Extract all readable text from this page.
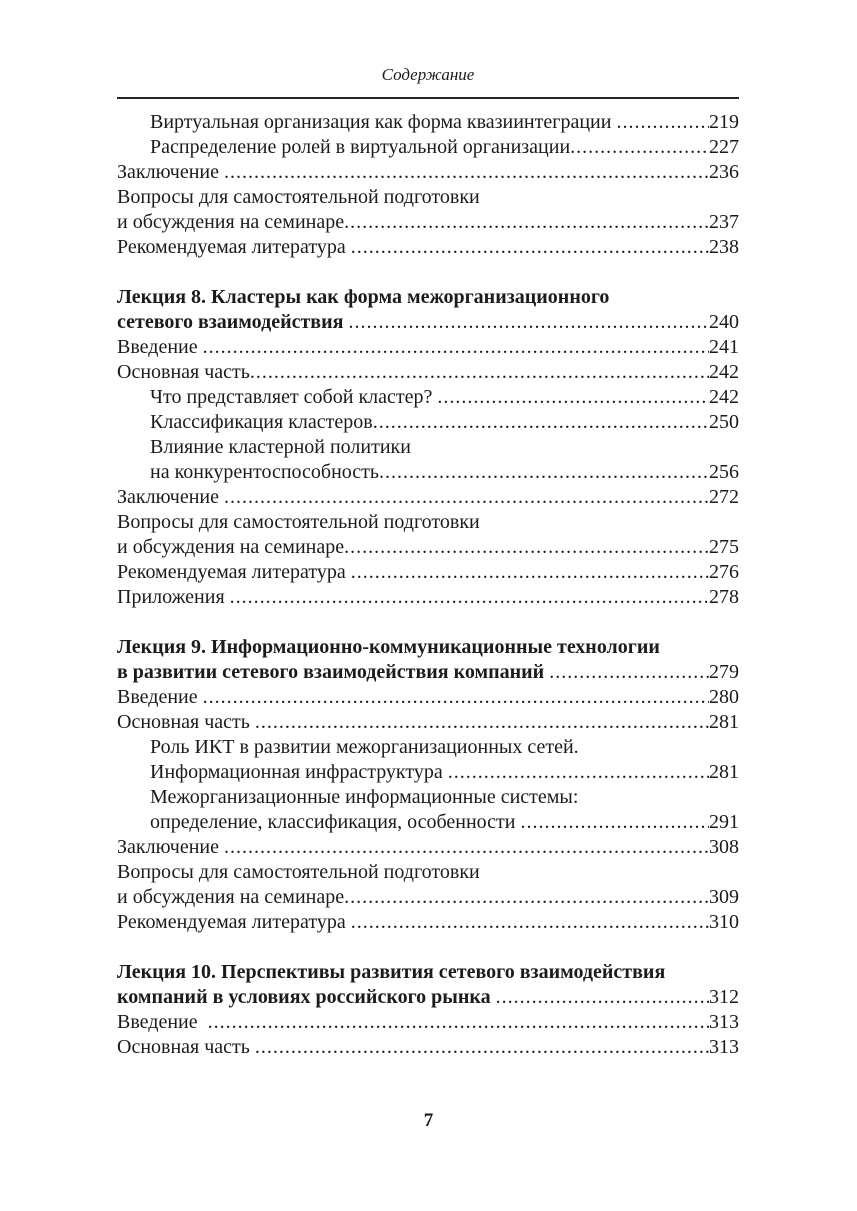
Содержание
Виртуальная организация как форма квазиинтеграции .....	219
Распределение ролей в виртуальной организации .....	227
Заключение .....	236
Вопросы для самостоятельной подготовки
и обсуждения на семинаре .....	237
Рекомендуемая литература .....	238
Лекция 8. Кластеры как форма межорганизационного
сетевого взаимодействия .....	240
Введение .....	241
Основная часть .....	242
Что представляет собой кластер? .....	242
Классификация кластеров .....	250
Влияние кластерной политики
на конкурентоспособность .....	256
Заключение .....	272
Вопросы для самостоятельной подготовки
и обсуждения на семинаре .....	275
Рекомендуемая литература .....	276
Приложения .....	278
Лекция 9. Информационно-коммуникационные технологии
в развитии сетевого взаимодействия компаний .....	279
Введение .....	280
Основная часть .....	281
Роль ИКТ в развитии межорганизационных сетей.
Информационная инфраструктура .....	281
Межорганизационные информационные системы:
определение, классификация, особенности .....	291
Заключение .....	308
Вопросы для самостоятельной подготовки
и обсуждения на семинаре .....	309
Рекомендуемая литература .....	310
Лекция 10. Перспективы развития сетевого взаимодействия
компаний в условиях российского рынка .....	312
Введение .....	313
Основная часть .....	313
7
